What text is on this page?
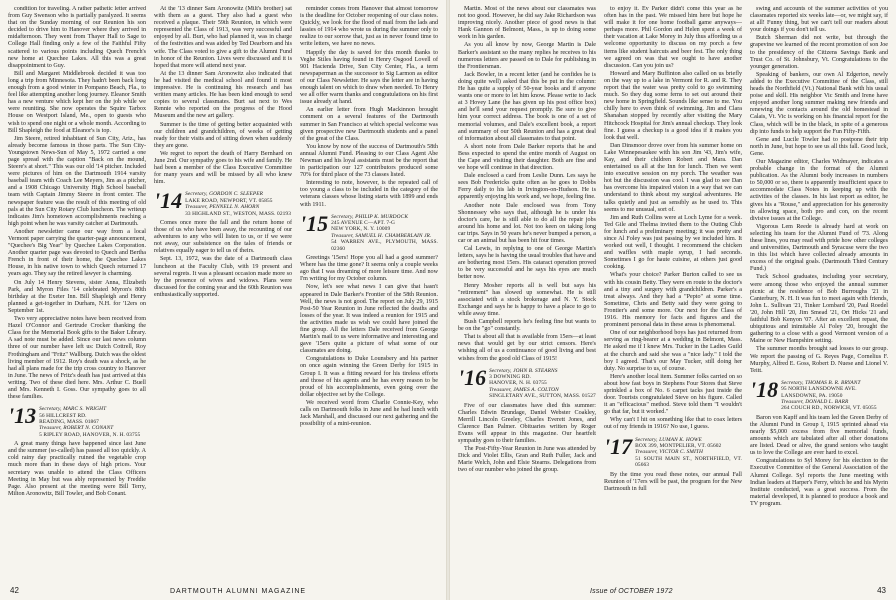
condition for traveling. A rather pathetic letter arrived from Guy Swenson who is partially paralyzed. It seems that on the Sunday morning of our Reunion his son decided to drive him to Hanover where they arrived in midafternoon. They went from Thayer Hall to Sage to College Hall finding only a few of the Faithful Fifty scattered to various points including Quech French's new home at Quechee Lakes. All this was a great disappointment to Guy.

Bill and Margaret Middlebrook decided it was too long a trip from Minnesota. They hadn't been back long enough from a good winter in Pompano Beach, Fla., to feel like attempting another long journey. Eleanor Smith has a new venture which kept her on the job while we were reuniting. She now operates the Squire Tarbox House on Westport Island, Me., open to guests who wish to spend one night or a whole month. According to Bill Shapleigh the food at Eleanor's is top.

Jim Steere, retired inhabitant of Sun City, Ariz., has already become famous in those parts. The Sun City-Youngstown News-Sun of May 5, 1972 carried a one page spread with the caption "Back on the mound, Steere's at short." This was our old '14 pitcher. Included were pictures of him on the Dartmouth 1914 varsity baseball team with Coach Lee Meyers, Jim as a pitcher, and a 1908 Chicago University High School baseball team with Captain Jimmy Steere in front center. The newspaper feature was the result of this meeting of old pals at the Sun City Rotary Club luncheon. The writeup indicates Jim's hometown accomplishments reaching a high point when he was varsity catcher at Dartmouth.

Another newsletter came our way from a local Vermont paper carrying the quarter-page announcement, "Quechee's Big Year" by Quechee Lakes Corporation. Another quarter page was devoted to Quech and Bertha French in front of their home, the Quechee Lakes House, in his native town to which Quech returned 17 years ago. They say the retired lawyer is charming.

On July 14 Henry Stevens, sister Anna, Elizabeth Park, and Myron Files '14 celebrated Myron's 80th birthday at the Exeter Inn. Bill Shapleigh and Henry planned a get-together in Durham, N.H. for '12ers on September 1st.

Two very appreciative notes have been received from Hazel O'Connor and Gertrude Crocker thanking the Class for the Memorial Book gifts to the Baker Library. A sad note must be added. Since our last news column three of our number have left us: Dutch Cottrell, Roy Frothingham and "Fritz" Wallburg. Dutch was the oldest living member of 1912. Roy's death was a shock, as he had all plans made for the trip cross country to Hanover in June. The news of Fritz's death has just arrived at this writing. Two of these died here. Mrs. Arthur C. Buell and Mrs. Kenneth I. Goss. Our sympathy goes to all these families.

'13 Secretary, MARC S. WRIGHT
56 HILLCREST RD.
READING, MASS. 01867
Treasurer, ROBERT N. CONANT
5 RIPLEY ROAD, HANOVER, N. H. 03755

A great many things have happened since last June and the summer (so-called) has passed all too quickly. A cold rainy day practically ruined the vegetable crop much more than in these days of high prices. Your secretary was unable to attend the Class Officers Meeting in May but was ably represented by Freddie Page. Also present at the meeting were Bill Terry, Milton Aronowitz, Bill Towler, and Bob Conant.

At the '13 dinner Sam Aronowitz (Milt's brother) sat with them as a guest. They also had a guest who received a plaque. Their 59th Reunion, in which were represented the Class of 1913, was very successful and enjoyed by all. Burt, who had planned it, was in charge of the festivities and was aided by Ted Dearborn and his wife. The Class voted to give a gift to the Alumni Fund in honor of the Reunion. Lives were discussed and it is hoped that more will attend next year.

At the 13 dinner Sam Aronowitz also indicated that he had visited the medical school and found it most impressive. He is continuing his research and has written many articles. He has been kind enough to send copies to several classmates. Burt sat next to Wes Rennie who reported on the progress of the Hood Museum and the new art gallery.

Summer is the time of getting better acquainted with our children and grandchildren, of weeks of getting ready for their visits and of sitting down when suddenly they are gone.

We regret to report the death of Harry Bernhard on June 2nd. Our sympathy goes to his wife and family. He had been a member of the Class Executive Committee for many years and will be missed by all who knew him.

'14 Secretary, GORDON C. SLEEPER
LAKE ROAD, NEWPORT, VT. 05855
Treasurer, PENNELL N. AHORN
33 HIGHLAND ST., WESTON, MASS. 02193

Comes once more the fall and the return home of those of us who have been away, the recounting of our adventures to any who will listen to us, or if we were not away, our subsistence on the tales of friends or relatives equally eager to tell us of theirs.

Sept. 13, 1972, was the date of a Dartmouth class luncheon at the Faculty Club, with 19 present and several regrets. It was a pleasant occasion made more so by the presence of wives and widows. Plans were discussed for the coming year and the 60th Reunion was enthusiastically supported.

reminder comes from Hanover that almost tomorrow is the deadline for October reopening of our class notes. Quickly, we look for the flood of mail from the lads and lassies of 1914 who wrote us during the summer only to realize to our sorrow that, just as in never found time to write letters, we have no news.

Happily the day is saved for this month thanks to Veghe Stiles having found in Henry Osgood Lovell of 901 Hacienda Drive, Sun City Center, Fla., a term newspaperman as the successor to Sig Larmon as editor of our Class Newsletter. He says the letter are in having enough talent on which to draw when needed. To Henry we all offer warm thanks and congratulations on his first issue already at hand.

An earlier letter from Hugh Mackinnon brought comment on a several features of the Dartmouth summer in San Francisco at which special welcome was given prospective new Dartmouth students and a panel of the great of the Class.

You know by now of the success of Dartmouth's 58th annual Alumni Fund. Pleasing to our Class Agent Abe Newman and his loyal assistants must be the report that in participation our 127 contributors produced some 70% for third place of the 73 classes listed.

Interesting to note, however, is the repeated call of too young a class to be included in the category of the veterans classes whose listing starts with 1899 and ends with 1911.

'15 Secretary, PHILIP K. MURDOCK
245 AVENUE C—APT. 7-G
NEW YORK, N. Y. 10009
Treasurer, SAMUEL H. CHAMBERLAIN JR.
54 WARREN AVE., PLYMOUTH, MASS. 02360

Greetings '15ers! Hope you all had a good summer? Where has the time gone? It seems only a couple weeks ago that I was dreaming of more leisure time. And now I'm writing for my October column.

Now, let's see what news I can give that hasn't appeared in Dale Barker's Frontier of the 58th Reunion. Well, the news is not good. The report on July 29, 1915 Post-50 Year Reunion in June reflected the deaths and losses of the year. It was indeed a reunion for 1915 and the activities made us wish we could have joined the fine group. All the letters Dale received from George Martin's mail to us were informative and interesting and gave '15ers quite a picture of what some of our classmates are doing.

Congratulations to Duke Lounsbery and his partner on once again winning the Green Derby for 1915 in Group I. It was a fitting reward for his tireless efforts and those of his agents and he has every reason to be proud of his accomplishments, even going over the dollar objective set by the College.

We received word from Charlie Connie-Key, who calls on Dartmouth folks in June and he had lunch with Jack Marshall, and discussed our next gathering and the possibility of a mini-reunion.

42	DARTMOUTH ALUMNI MAGAZINE

Martin. Most of the news about our classmates was not too good. However, he did say Jake Richardson was improving nicely. Another piece of good news is that Hank Gannon of Belmont, Mass., is up to doing some work in his garden.

As you all know by now, George Martin is Dale Barker's assistant so the many replies he receives to his numerous letters are passed on to Dale for publishing in the Frontiersman.

Jack Bowler, in a recent letter (and he confides he is doing quite well) asked that this be put in the column: He has quite a supply of 50-year books and if anyone wants one or more to let him know. Please write to Jack at 3 Hovey Lane (he has given up his post office box) and he'll send your request promptly. Be sure to give him your correct address. The book is one of a set of memorial volumes, and Dale's excellent book, a report and summary of our 50th Reunion and has a great deal of information about all classmates to that point.

A short note from Dale Barker reports that he and Bess expected to spend the entire month of August on the Cape and visiting their daughter. Both are fine and we hope will continue in that direction.

Dale enclosed a card from Leslie Dunn. Les says he sees Bob Fredericks quite often as he goes to Dobbs Ferry daily to his lab in Irvington-on-Hudson. He is apparently enjoying his work and, we hope, feeling fine.

Another note Dale enclosed was from Tony Shonnessey who says that, although he is under his doctor's care, he is still able to do all the repair jobs around his home and lot. Not too keen on taking long car trips. Says in 50 years he's never bumped a person, a car or an animal but has been hit four times.

Cal Lewis, in replying to one of George Martin's letters, says he is having the usual troubles that have and are bothering most 15ers. His cataract operation proved to be very successful and he says his eyes are much better now.

Henry Mosher reports all is well but says his "retirement" has slowed up somewhat. He is still associated with a stock brokerage and N. Y. Stock Exchange and says he is happy to have a place to go to while away time.

Bush Campbell reports he's feeling fine but wants to be on the "go" constantly.

That is about all that is available from 15ers—at least news that would get by our strict censors. Here's wishing all of us a continuance of good living and best wishes from the good old Class of 1915!

'16 Secretary, JOHN B. STEARNS
3 DOWNING RD.
HANOVER, N. H. 03755
Treasurer, JAMES A. COLTON
SINGLETARY AVE., SUTTON, MASS. 01527

Five of our classmates have died this summer: Charles Edwin Brundage, Daniel Webster Coakley, Merrill Lincoln Greeley, Charles Everett Jones, and Clarence Ban Palmer. Obituaries written by Roger Evans will appear in this magazine. Our heartfelt sympathy goes to their families.

The Post-Fifty-Year Reunion in June was attended by Dick and Violet Ellis, Gran and Ruth Fuller, Jack and Marie Welch, John and Elsie Stearns. Delegations from two of our number who joined the group.

to enjoy it. Ev Parker didn't come this year as he often has in the past. We missed him here but hope he will make it for one home football game anyways—perhaps more. Phil Gordon and Helen spent a week of their vacation at Lake Morey in July thus affording us a welcome opportunity to discuss on my porch a few items like student haircuts and beer fest. The only thing we agreed on was that we ought to have another discussion. Can you join us?

Howard and Mary Buffinton also called on us briefly on the way up to a lake in Vermont for R. and R. They report that the water was pretty cold to go swimming much. So they dug some ferns to set out around their new home in Springfield. Sounds like sense to me. You chilly here to even think of swimming. Jim and Clara Shanahan stopped by recently after visiting the Mary Hitchcock Hospital for Jim's annual checkup. They look fine. I guess a checkup is a good idea if it makes you look that well.

Dan Dinsmoor drove over from his summer home on Lake Winnepesaukee with his son Jim '43, Jim's wife, Kay, and their children Robert and Mara. Dan entertained us all at the Inn for lunch. Then we went into executive session on my porch. The weather was hot but the discussion was cool. I was glad to see Dan has overcome his impaired vision in a way that we can understand to think about my surgical adventures. He talks quietly and just as sensibly as he used to. This seems to me unusual, sort of.

Jim and Ruth Collins were at Loch Lyme for a week. Ted Gile and Thelma invited them to the Outing Club for lunch and a preliminary meeting; it was pretty and since Al Foley was just passing by we included him. It worked out well, I thought. I recommend the chicken and waffles with maple syrup, I had seconds. Sometimes I go for haute cuisine, at others just good cooking.

What's your choice? Parker Burton called to see us with his cousin Betty. They were en route to the doctor's and a tiny and surgery with grandchildren. Parker's a treat always. And they had a "Pepto" at some time. Sometime, Chris and Betty said they were going to Frontier's and some more. Our next for the Class of 1916. His memory for facts and figures and the prominent personal data in these areas is phenomenal.

One of our neighborhood boys has just returned from serving as ring-bearer at a wedding in Belmont, Mass. He asked me if I knew Mrs. Tucker in the Ladies Guild at the church and said she was a "nice lady." I told the boy I agreed. That's our May Tucker, still doing her duty. No surprise to us, of course.

Here's another local item. Summer folks carried on so about how fast boys in Stephens Four Stores that Steve sprinkled a box of No. 6 carpet tacks just inside the door. Tourists congratulated Steve on his figure. Called it an "efficacious" method. Steve told them "I wouldn't go that far, but it worked."

Why can't I hit on something like that to coax letters out of my friends in 1916? No use, I guess.

'17 Secretary, LUMAN K. HOWE
BOX 399, MONTPELIER, VT. 05602
Treasurer, VICTOR C. SMITH
51 SOUTH MAIN ST., NORTHFIELD, VT. 05663

By the time you read these notes, our annual Fall Reunion of '17ers will be past, the program for the New Dartmouth in full

swing and accounts of the summer activities of you classmates reported six weeks late—or, we might say, if at all! Funny thing, but we can't tell our readers about your doings if you don't tell us.

Butch Sherman did not write, but through the grapevine we learned of the recent promotion of son Joe to the presidency of the Citizens Savings Bank and Trust Co. of St. Johnsbury, Vt. Congratulations to the younger generation.

Speaking of bankers, our own Al Edgerton, newly added to the Executive Committee of the Class, still heads the Northfield (Vt.) National Bank with his usual poise and skill. His neighbor Vic Smith and Irene have enjoyed another long summer making new friends and renewing the contacts around the old homestead in Calais, Vt. Vic is working on his financial report for the Class, which will be in the black, in spite of a generous dip into funds to help support the Fun Fifty-Fifth.

Gene and Lucile Towler had to postpone their trip north in June, but hope to see us all this fall. Good luck, Gene.

Our Magazine editor, Charles Widmayer, indicates a probable change in the format of the Alumni publication. As the Alumni body increases in numbers to 50,000 or so, there is apparently insufficient space to accommodate Class Notes in keeping up with the activities of the classes. In his last report as editor, he gives his a "Rouse," and appreciation for his generosity in allowing space, both pro and con, on the recent divisive issues at the College.

Vigorous Lem Reede is already hard at work on selecting his team for the Alumni Fund of '73. Along these lines, you may read with pride how other colleges and universities, Dartmouth and Syracuse were the two in this list which have collected already amounts in excess of the original goals. (Dartmouth Third Century Fund.)

Tuck School graduates, including your secretary, were among those who enjoyed the annual summer picnic at the residence of Bob Burroughs '21 in Canterbury, N. H. It was fun to meet again with friends, John L. Sullivan '21, Tinker Lombard '20, Paul Roedel '20, John Hill '20, Jim Smead '21, Ort Hicks '21 and faithful Bob Kenyon '07. After an excellent repast, the ubiquitous and inimitable Al Foley '20, brought the gathering to a close with a good Vermont version of a Maine or New Hampshire setting.

The summer months brought sad losses to our group. We report the passing of G. Reyes Page, Cornelius F. Murphy, Alfred E. Goss, Robert D. Nuese and Lionel V. Teitt.

'18 Secretary, THOMAS B. R. BRYANT
95 NORTH LANSDOWNE AVE.
LANSDOWNE, PA. 19050
Treasurer, DONALD L. BARR
264 COUCH RD., NORWICH, VT. 05055

Baron von Kapff and his team led the Green Derby of the Alumni Fund in Group I, 1915 sprinted ahead via nearly $5,000 excess from five memorial funds, amounts which are tabulated after all other donations are listed. Dead or alive, the grand seniors who taught us to love the College are ever hard to excel.

Congratulations to Syl Morey for his election to the Executive Committee of the General Association of the Alumni College. Syl reports the June meeting with Indian leaders at Harper's Ferry, which he and his Myrin Institute conducted, was a great success. From the material developed, it is planned to produce a book and TV program.

Issue of OCTOBER 1972	43
